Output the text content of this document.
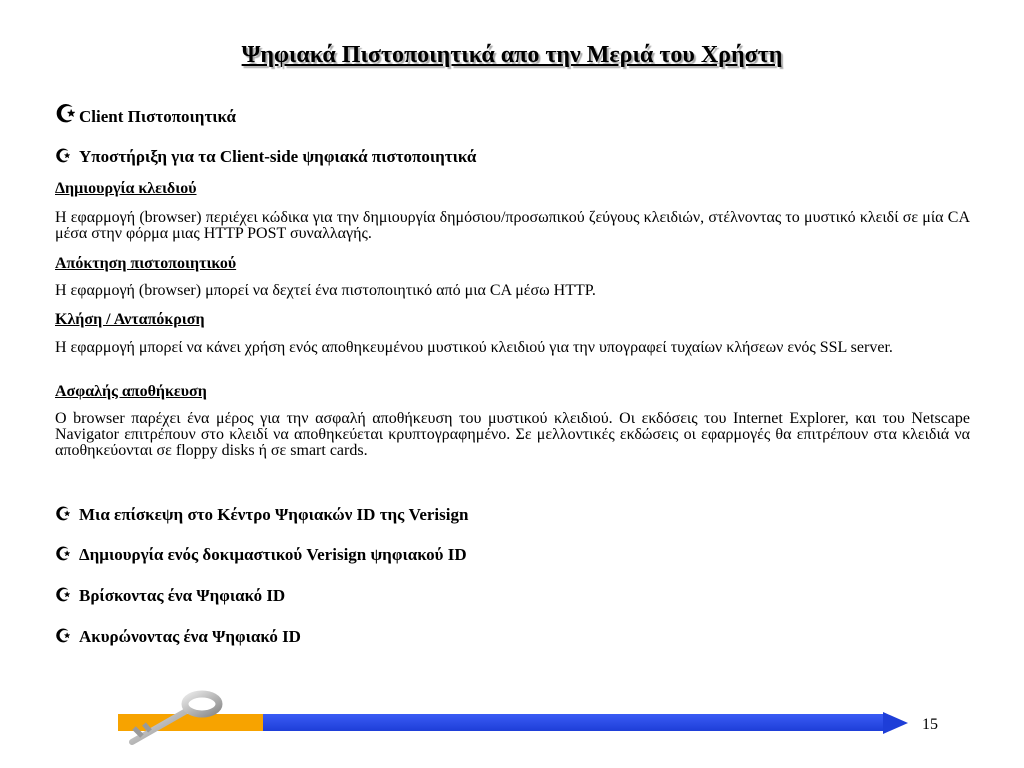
Ψηφιακά Πιστοποιητικά απο την Μεριά του Χρήστη
☪ Client Πιστοποιητικά
☪ Υποστήριξη για τα Client-side ψηφιακά πιστοποιητικά
Δημιουργία κλειδιού
Η εφαρμογή (browser) περιέχει κώδικα για την δημιουργία δημόσιου/προσωπικού ζεύγους κλειδιών, στέλνοντας το μυστικό κλειδί σε μία CA μέσα στην φόρμα μιας HTTP POST συναλλαγής.
Απόκτηση πιστοποιητικού
Η εφαρμογή (browser) μπορεί να δεχτεί ένα πιστοποιητικό από μια CA μέσω HTTP.
Κλήση / Ανταπόκριση
Η εφαρμογή μπορεί να κάνει χρήση ενός αποθηκευμένου μυστικού κλειδιού για την υπογραφεί τυχαίων κλήσεων ενός SSL server.
Ασφαλής αποθήκευση
Ο browser παρέχει ένα μέρος για την ασφαλή αποθήκευση του μυστικού κλειδιού. Οι εκδόσεις του Internet Explorer, και του Netscape Navigator επιτρέπουν στο κλειδί να αποθηκεύεται κρυπτογραφημένο. Σε μελλοντικές εκδώσεις οι εφαρμογές θα επιτρέπουν στα κλειδιά να αποθηκεύονται σε floppy disks ή σε smart cards.
☪ Μια επίσκεψη στο Κέντρο Ψηφιακών ID της Verisign
☪ Δημιουργία ενός δοκιμαστικού Verisign ψηφιακού ID
☪ Βρίσκοντας ένα Ψηφιακό ID
☪ Ακυρώνοντας ένα Ψηφιακό ID
15
